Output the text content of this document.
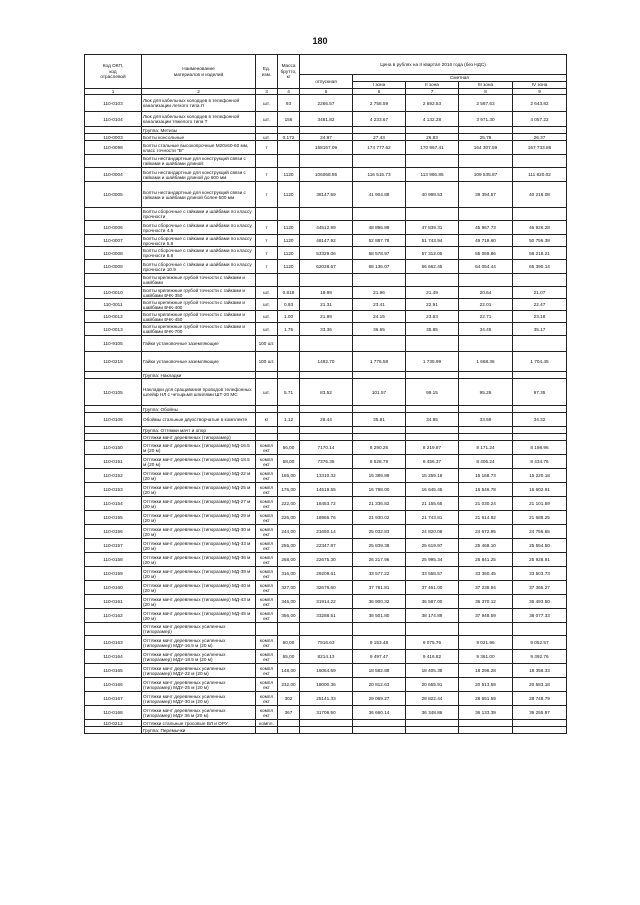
180
Код ОКП,
код
отраслевой	Наименование
материалов и изделий	Ед.
изм.	Масса
брутто,
кг	Цена в рублях на II квартал 2016 года (без НДС)				
				отпускная	Сметная			
					I зона	II зона	III зона	IV зона
1	2	3	4	5	6	7	8	9
110-0103	Люк для кабельных колодцев в телефонной канализации легкого типа Л	шт.	93	2266.57	2 758.59	2 692.53	2 587.63	2 643.82
110-0104	Люк для кабельных колодцев в телефонной канализации тяжелого типа Т	шт.	156	3481.82	4 233.67	4 132.28	3 971.30	4 057.22
	Группа: Метизы							
110-0003	Болты консольные	шт.	0.172	24.97	27.43	26.83	25.78	26.37
110-0098	Болты стальные высокопрочные M20х60-60 мм, класс точности "В"	т		158167.09	174 777.62	170 967.41	164 307.59	167 733.86
	Болты нестандартные для конструкций связи с гайками и шайбами длиной:							
110-0004	Болты нестандартные для конструкций связи с гайками и шайбами длиной до 600 мм	т	1120	106068.95	116 515.73	113 966.85	109 535.87	111 820.02
110-0005	Болты нестандартные для конструкций связи с гайками и шайбами длиной более 600 мм	т	1120	38147.69	41 904.88	40 998.53	39 394.57	40 216.08
	Болты сборочные с гайками и шайбами по классу прочности							
110-0006	Болты сборочные с гайками и шайбами по классу прочности 4.6	т	1120	44512.99	48 896.89	47 839.31	45 967.73	46 926.28
110-0007	Болты сборочные с гайками и шайбами по классу прочности 5.8	т	1120	48147.92	52 887.78	51 743.94	49 719.60	50 756.38
110-0008	Болты сборочные с гайками и шайбами по классу прочности 8.8	т	1120	53329.06	58 578.97	57 312.05	55 069.86	56 218.21
110-0009	Болты сборочные с гайками и шайбами по классу прочности 10.9	т	1120	62028.67	68 136.07	66 662.45	64 054.44	65 390.14
	Болты крепежные грубой точности с гайками и шайбами							
110-0010	Болты крепежные грубой точности с гайками и шайбами БЧК-350	шт.	0.818	19.99	21.96	21.49	20.64	21.07
110-0011	Болты крепежные грубой точности с гайками и шайбами БЧК-400	шт.	0.93	21.31	23.41	22.91	22.01	22.47
110-0012	Болты крепежные грубой точности с гайками и шайбами БЧК-450	шт.	1.00	21.99	24.15	23.63	22.71	23.18
110-0013	Болты крепежные грубой точности с гайками и шайбами БЧК-700	шт.	1.75	33.36	36.65	35.85	34.45	35.17
110-9105	Гайки установочные заземляющие	100 шт.						
110-0219	Гайки установочные заземляющие	100 шт.		1482.70	1 776.58	1 735.99	1 668.36	1 704.45
	Группа: Накладки							
110-0105	Накладки для сращивания проводов телефонных шлейф НЛ с четырьмя шпилями ШТ-20 МС	шт.	5.71	83.52	101.57	99.15	95.26	97.35
	Группа: Обойны							
110-0106	Обоймы стальные двухстворчатые в комплекте	кг	1.12	28.44	35.81	34.95	33.59	34.32
	Группа: Оттяжки мачт и опор							
	Оттяжки мачт деревянных (типоразмер)							
110-0150	Оттяжки мачт деревянных (типоразмер) МД-16.5 м (20 м)	компл ект	56,00	7170.14	8 290.26	8 219.87	8 171.24	8 198.96
110-0151	Оттяжки мачт деревянных (типоразмер) МД-18.5 м (20 м)	компл ект	58,00	7376.35	8 528.79	8 456.37	8 406.24	8 434.76
110-0152	Оттяжки мачт деревянных (типоразмер) МД-22 м (20 м)	компл ект	165,00	13310.32	15 389.89	15 259.18	15 168.73	15 220.18
110-0153	Оттяжки мачт деревянных (типоразмер) МД-25 м (20 м)	компл ект	176,00	14519.55	16 788.00	16 645.45	16 546.78	16 602.91
110-0154	Оттяжки мачт деревянных (типоразмер) МД-27 м (20 м)	компл ект	222,00	18453.72	21 336.82	21 155.65	21 030.24	21 101.59
110-0155	Оттяжки мачт деревянных (типоразмер) МД-29 м (20 м)	компл ект	226,00	18966.76	21 930.02	21 743.81	21 614.92	21 688.25
110-0156	Оттяжки мачт деревянных (типоразмер) МД-30 м (20 м)	компл ект	244,00	21650.14	25 032.83	24 820.08	24 672.95	24 756.65
110-0157	Оттяжки мачт деревянных (типоразмер) МД-33 м (20 м)	компл ект	255,00	22347.87	25 839.38	25 619.97	25 468.10	25 554.50
110-0158	Оттяжки мачт деревянных (типоразмер) МД-36 м (20 м)	компл ект	268,00	22675.30	26 217.96	25 995.34	25 841.25	25 928.91
110-0159	Оттяжки мачт деревянных (типоразмер) МД-39 м (20 м)	компл ект	316,00	29209.61	33 577.22	33 558.57	33 360.45	33 503.73
110-0160	Оттяжки мачт деревянных (типоразмер) МД-40 м (20 м)	компл ект	327,00	32676.60	37 781.81	37 461.00	37 238.94	37 365.27
110-0161	Оттяжки мачт деревянных (типоразмер) МД-43 м (20 м)	компл ект	346,00	31914.22	36 900.32	36 587.00	36 370.12	36 493.50
110-0162	Оттяжки мачт деревянных (типоразмер) МД-45 м (20 м)	компл ект	356,00	33288.51	38 501.80	38 174.89	37 948.59	38 077.33
	Оттяжки мачт деревянных усиленных (типоразмер)							
110-0163	Оттяжки мачт деревянных усиленных (типоразмер) МДУ-16.5 м (20 м)	компл ект	60,00	7916.63	9 153.48	9 075.76	9 021.96	9 052.57
110-0164	Оттяжки мачт деревянных усиленных (типоразмер) МДУ-18.5 м (20 м)	компл ект	65,00	8214.13	9 497.47	9 416.82	9 361.00	9 392.76
110-0165	Оттяжки мачт деревянных усиленных (типоразмер) МДУ-22 м (20 м)	компл ект	148,00	16064.69	18 582.88	18 405.38	18 296.28	18 358.33
110-0166	Оттяжки мачт деревянных усиленных (типоразмер) МДУ-25 м (20 м)	компл ект	232,00	18000.36	20 812.63	20 655.91	20 513.59	20 583.18
110-0167	Оттяжки мачт деревянных усиленных (типоразмер) МДУ-30 м (20 м)	компл ект	302	25141.33	29 069.27	28 822.44	28 651.59	28 748.79
110-0168	Оттяжки мачт деревянных усиленных (типоразмер) МДУ 36 м (20 м)	компл ект	367	31706.50	36 660.14	36 348.86	36 133.39	36 255.97
110-0212	Оттяжки стальные тросовые ВЛ и ОРУ	компл.						
	Группа: Перемычки							
